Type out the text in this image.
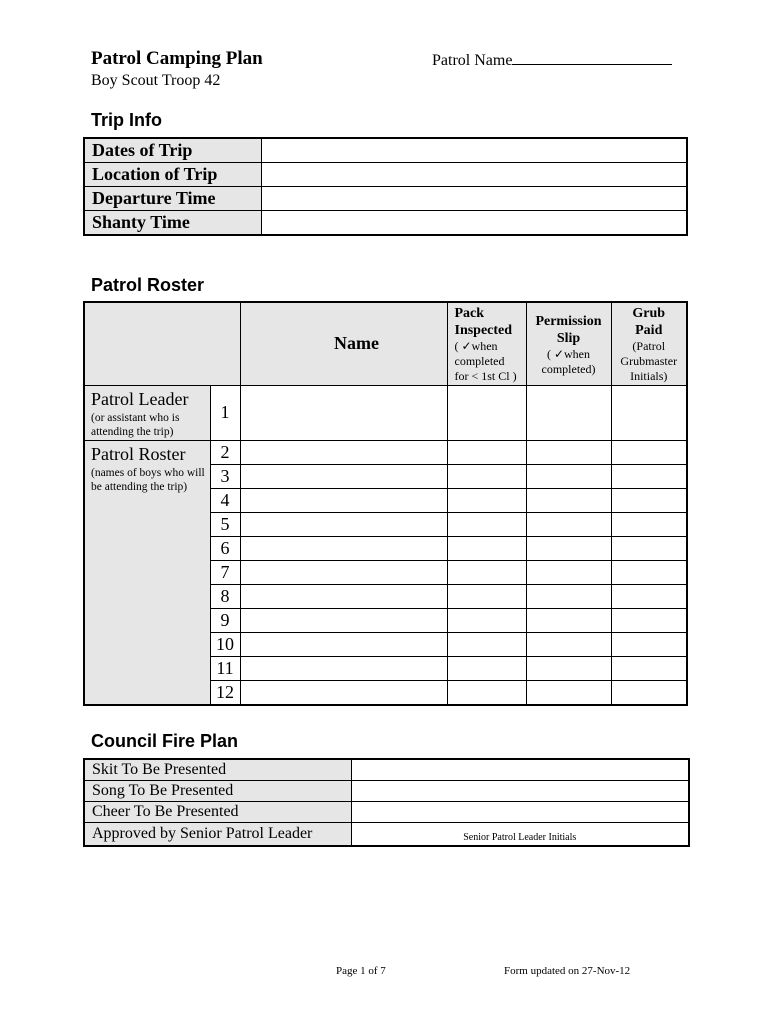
Patrol Camping Plan
Boy Scout Troop 42
Patrol Name
Trip Info
Dates of Trip	
Location of Trip	
Departure Time	
Shanty Time	
Patrol Roster
		Name	Pack
Inspected
( ✓when
completed
for < 1st Cl )	Permission
Slip
( ✓when
completed)	Grub
Paid
(Patrol
Grubmaster
Initials)

Patrol Leader
(or assistant who is attending the trip)	1				

Patrol Roster
(names of boys who will be attending the trip)	2				
	3				
	4				
	5				
	6				
	7				
	8				
	9				
	10				
	11				
	12				
Council Fire Plan
Skit To Be Presented	
Song To Be Presented	
Cheer To Be Presented	
Approved by Senior Patrol Leader	Senior Patrol Leader Initials
Page 1 of 7	Form updated on 27-Nov-12
